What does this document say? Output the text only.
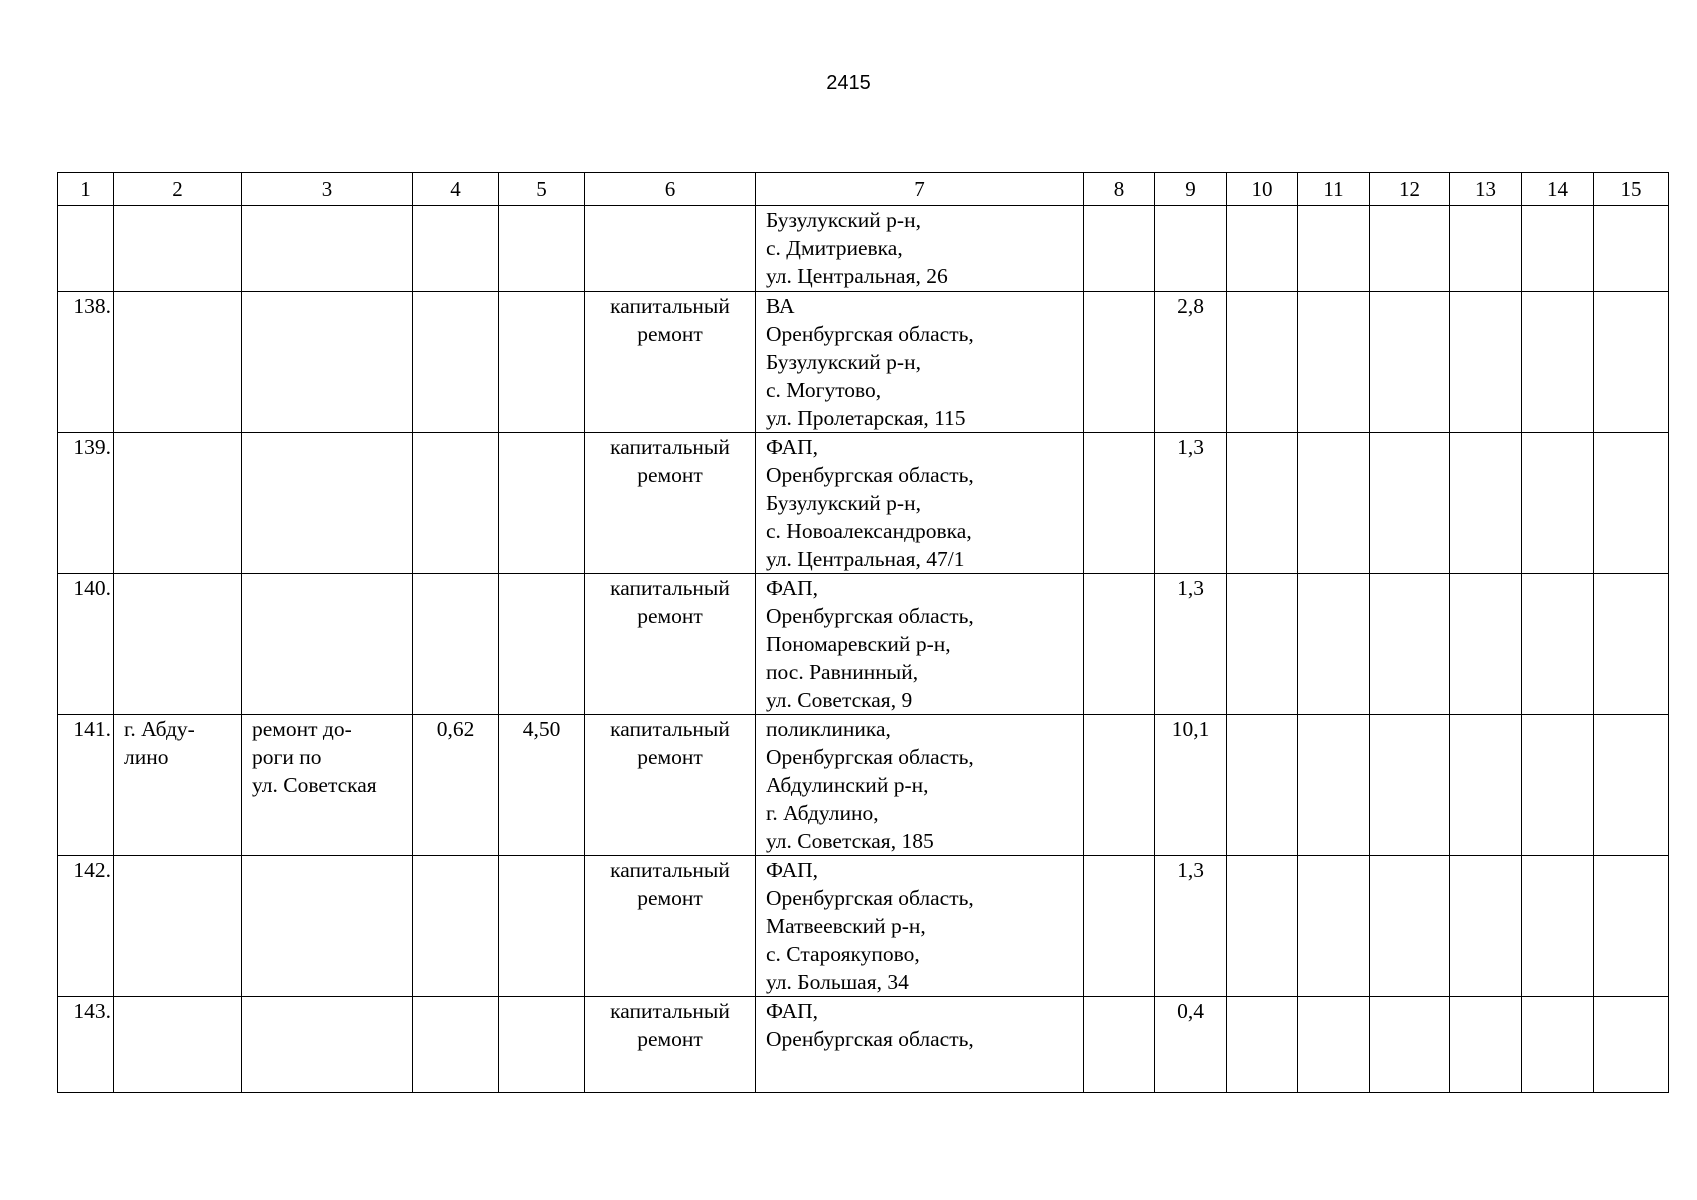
2415
1	2	3	4	5	6	7	8	9	10	11	12	13	14	15

						Бузулукский р-н,
с. Дмитриевка,
ул. Центральная, 26								

138.					капитальный
ремонт	ВА
Оренбургская область,
Бузулукский р-н,
с. Могутово,
ул. Пролетарская, 115		2,8						
139.					капитальный
ремонт	ФАП,
Оренбургская область,
Бузулукский р-н,
с. Новоалександровка,
ул. Центральная, 47/1		1,3						
140.					капитальный
ремонт	ФАП,
Оренбургская область,
Пономаревский р-н,
пос. Равнинный,
ул. Советская, 9		1,3						
141.	г. Абду-
лино	ремонт до-
роги по
ул. Советская	0,62	4,50	капитальный
ремонт	поликлиника,
Оренбургская область,
Абдулинский р-н,
г. Абдулино,
ул. Советская, 185		10,1						
142.					капитальный
ремонт	ФАП,
Оренбургская область,
Матвеевский р-н,
с. Староякупово,
ул. Большая, 34		1,3						
143.					капитальный
ремонт	ФАП,
Оренбургская область,		0,4						
